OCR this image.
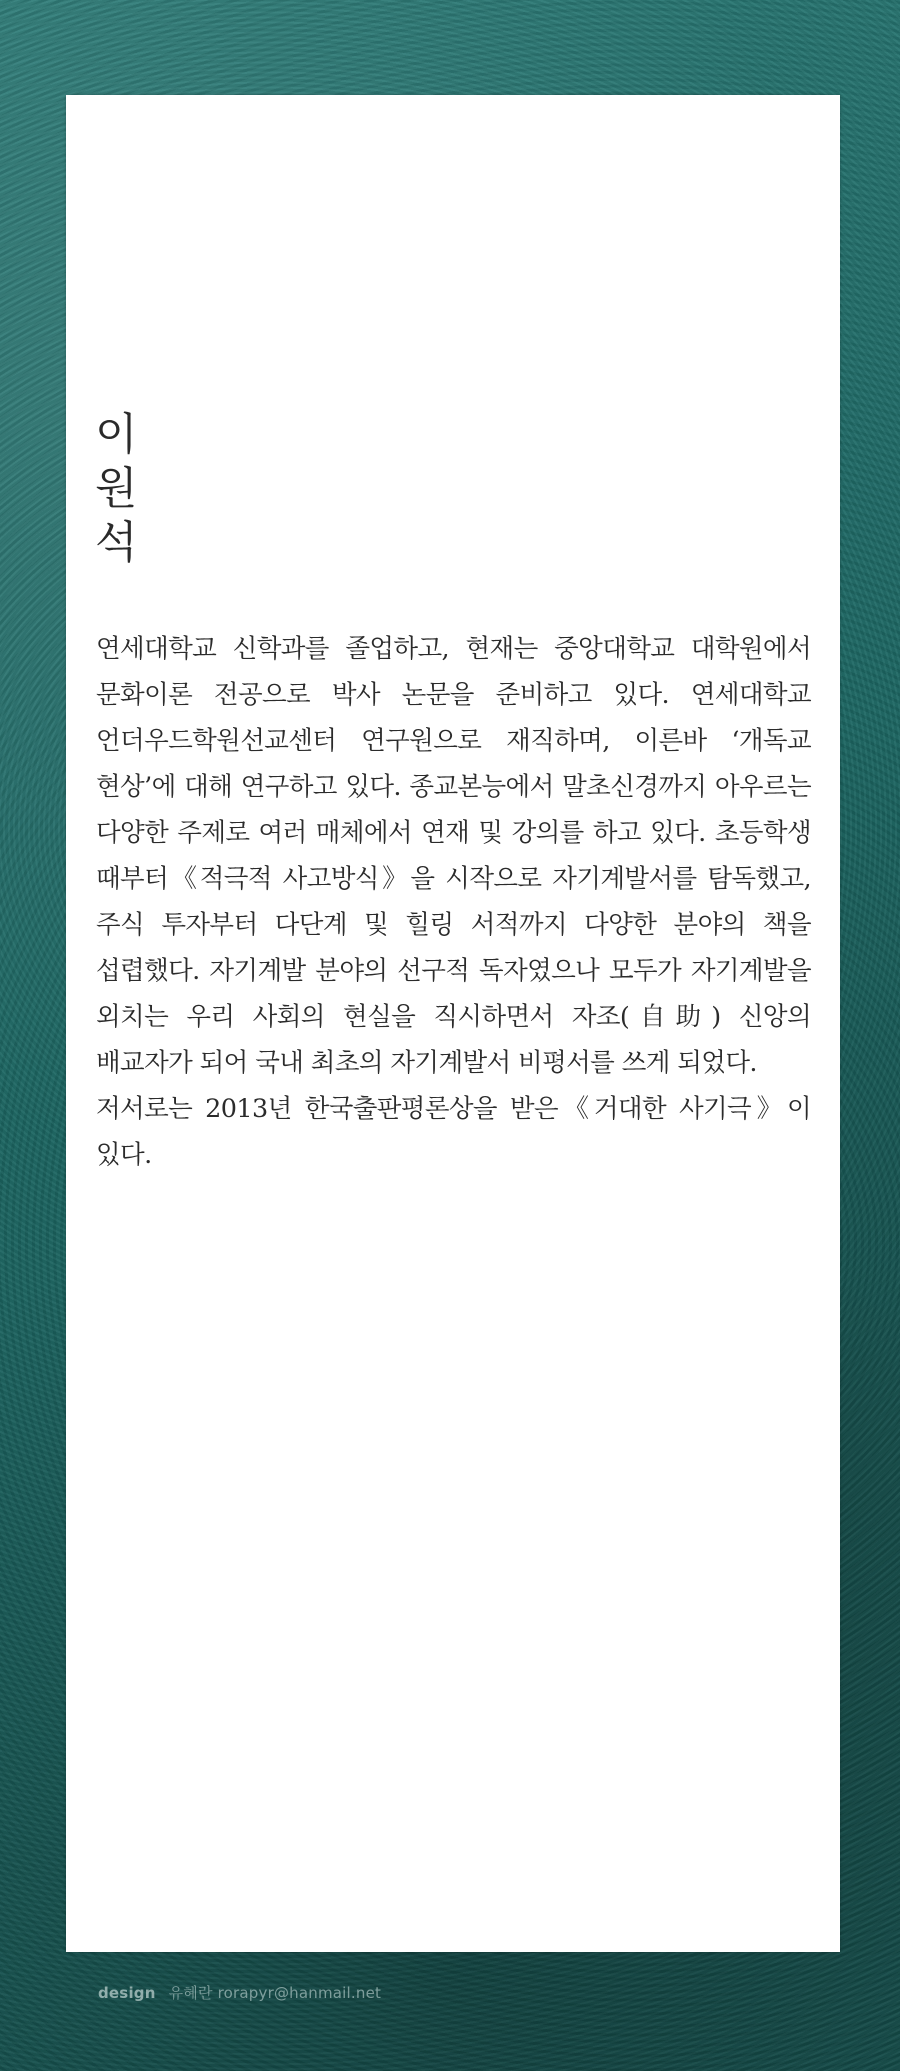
이원석

연세대학교 신학과를 졸업하고, 현재는 중앙대학교 대학원에서 문화이론 전공으로 박사 논문을 준비하고 있다. 연세대학교 언더우드학원선교센터 연구원으로 재직하며, 이른바 ‘개독교 현상’에 대해 연구하고 있다. 종교본능에서 말초신경까지 아우르는 다양한 주제로 여러 매체에서 연재 및 강의를 하고 있다. 초등학생 때부터《적극적 사고방식》을 시작으로 자기계발서를 탐독했고, 주식 투자부터 다단계 및 힐링 서적까지 다양한 분야의 책을 섭렵했다. 자기계발 분야의 선구적 독자였으나 모두가 자기계발을 외치는 우리 사회의 현실을 직시하면서 자조(自助) 신앙의 배교자가 되어 국내 최초의 자기계발서 비평서를 쓰게 되었다.

저서로는 2013년 한국출판평론상을 받은《거대한 사기극》이 있다.

design 유혜란 rorapyr@hanmail.net
